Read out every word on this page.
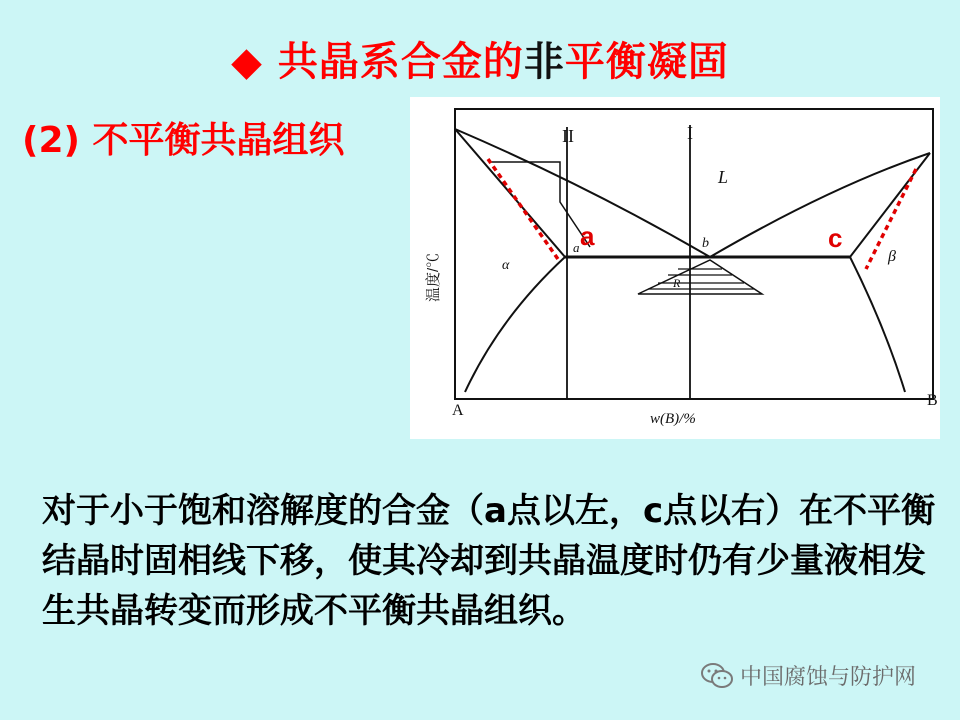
◆ 共晶系合金的非平衡凝固
(2) 不平衡共晶组织	II	I
L
α
β
b
a
R
A
B
w(B)/%
温度/℃
a	c
对于小于饱和溶解度的合金（a点以左，c点以右）在不平衡结晶时固相线下移，使其冷却到共晶温度时仍有少量液相发生共晶转变而形成不平衡共晶组织。
中国腐蚀与防护网
